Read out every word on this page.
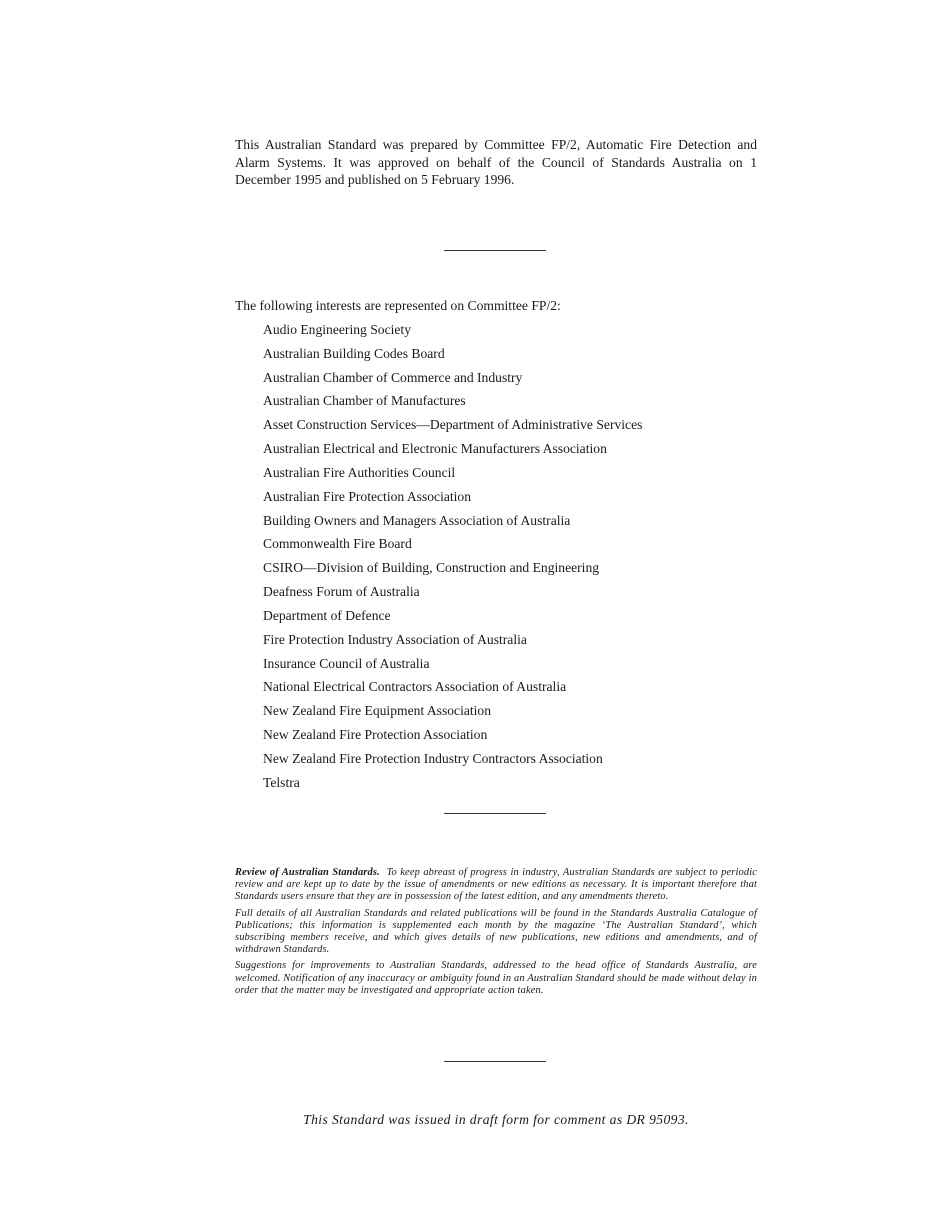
This Australian Standard was prepared by Committee FP/2, Automatic Fire Detection and Alarm Systems. It was approved on behalf of the Council of Standards Australia on 1 December 1995 and published on 5 February 1996.

The following interests are represented on Committee FP/2:

Audio Engineering Society
Australian Building Codes Board
Australian Chamber of Commerce and Industry
Australian Chamber of Manufactures
Asset Construction Services—Department of Administrative Services
Australian Electrical and Electronic Manufacturers Association
Australian Fire Authorities Council
Australian Fire Protection Association
Building Owners and Managers Association of Australia
Commonwealth Fire Board
CSIRO—Division of Building, Construction and Engineering
Deafness Forum of Australia
Department of Defence
Fire Protection Industry Association of Australia
Insurance Council of Australia
National Electrical Contractors Association of Australia
New Zealand Fire Equipment Association
New Zealand Fire Protection Association
New Zealand Fire Protection Industry Contractors Association
Telstra

Review of Australian Standards. To keep abreast of progress in industry, Australian Standards are subject to periodic review and are kept up to date by the issue of amendments or new editions as necessary. It is important therefore that Standards users ensure that they are in possession of the latest edition, and any amendments thereto.

Full details of all Australian Standards and related publications will be found in the Standards Australia Catalogue of Publications; this information is supplemented each month by the magazine ‘The Australian Standard’, which subscribing members receive, and which gives details of new publications, new editions and amendments, and of withdrawn Standards.

Suggestions for improvements to Australian Standards, addressed to the head office of Standards Australia, are welcomed. Notification of any inaccuracy or ambiguity found in an Australian Standard should be made without delay in order that the matter may be investigated and appropriate action taken.

This Standard was issued in draft form for comment as DR 95093.
